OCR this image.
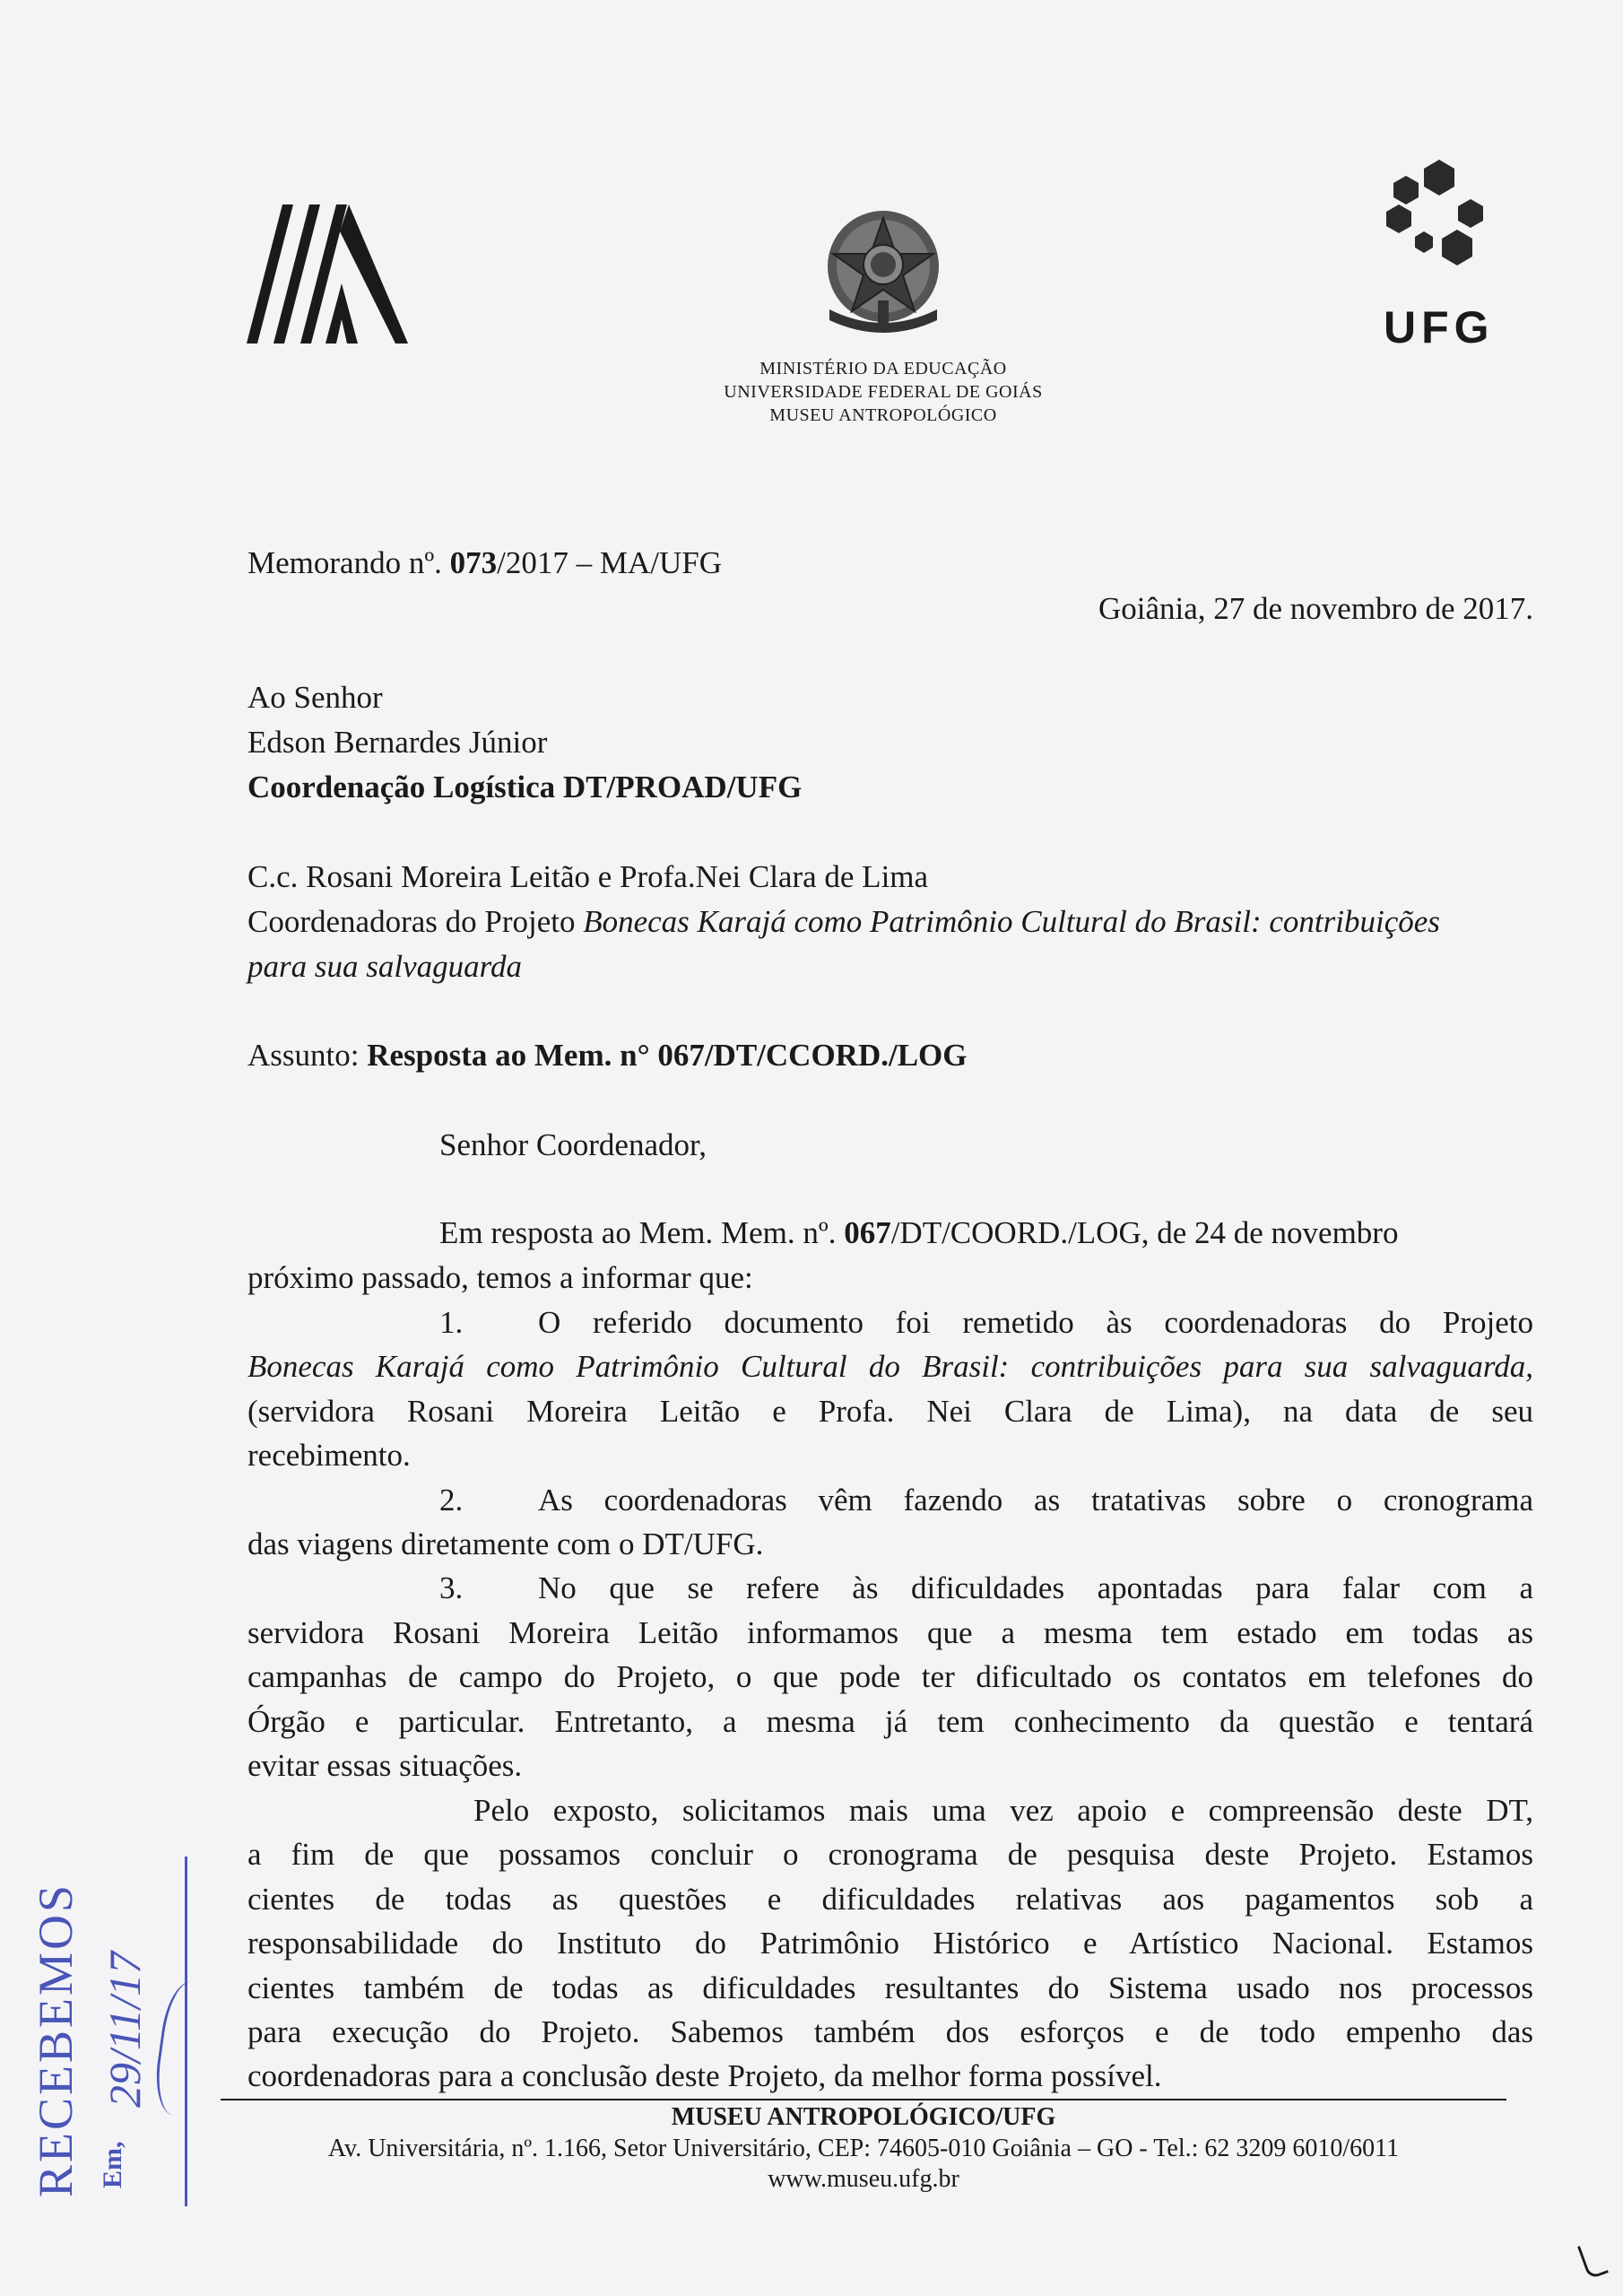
UFG
MINISTÉRIO DA EDUCAÇÃO
UNIVERSIDADE FEDERAL DE GOIÁS
MUSEU ANTROPOLÓGICO
Memorando nº. 073/2017 – MA/UFG
Goiânia, 27 de novembro de 2017.
Ao Senhor
Edson Bernardes Júnior
Coordenação Logística DT/PROAD/UFG
C.c. Rosani Moreira Leitão e Profa.Nei Clara de Lima
Coordenadoras do Projeto Bonecas Karajá como Patrimônio Cultural do Brasil: contribuições
para sua salvaguarda
Assunto: Resposta ao Mem. n° 067/DT/CCORD./LOG
Senhor Coordenador,
Em resposta ao Mem. Mem. nº. 067/DT/COORD./LOG, de 24 de novembro
próximo passado, temos a informar que:
1. O referido documento foi remetido às coordenadoras do Projeto
Bonecas Karajá como Patrimônio Cultural do Brasil: contribuições para sua salvaguarda,
(servidora Rosani Moreira Leitão e Profa. Nei Clara de Lima), na data de seu
recebimento.
2. As coordenadoras vêm fazendo as tratativas sobre o cronograma
das viagens diretamente com o DT/UFG.
3. No que se refere às dificuldades apontadas para falar com a
servidora Rosani Moreira Leitão informamos que a mesma tem estado em todas as
campanhas de campo do Projeto, o que pode ter dificultado os contatos em telefones do
Órgão e particular. Entretanto, a mesma já tem conhecimento da questão e tentará
evitar essas situações.
Pelo exposto, solicitamos mais uma vez apoio e compreensão deste DT,
a fim de que possamos concluir o cronograma de pesquisa deste Projeto. Estamos
cientes de todas as questões e dificuldades relativas aos pagamentos sob a
responsabilidade do Instituto do Patrimônio Histórico e Artístico Nacional. Estamos
cientes também de todas as dificuldades resultantes do Sistema usado nos processos
para execução do Projeto. Sabemos também dos esforços e de todo empenho das
coordenadoras para a conclusão deste Projeto, da melhor forma possível.
MUSEU ANTROPOLÓGICO/UFG
Av. Universitária, nº. 1.166, Setor Universitário, CEP: 74605-010 Goiânia – GO - Tel.: 62 3209 6010/6011
www.museu.ufg.br
RECEBEMOS Em,
29/11/17
